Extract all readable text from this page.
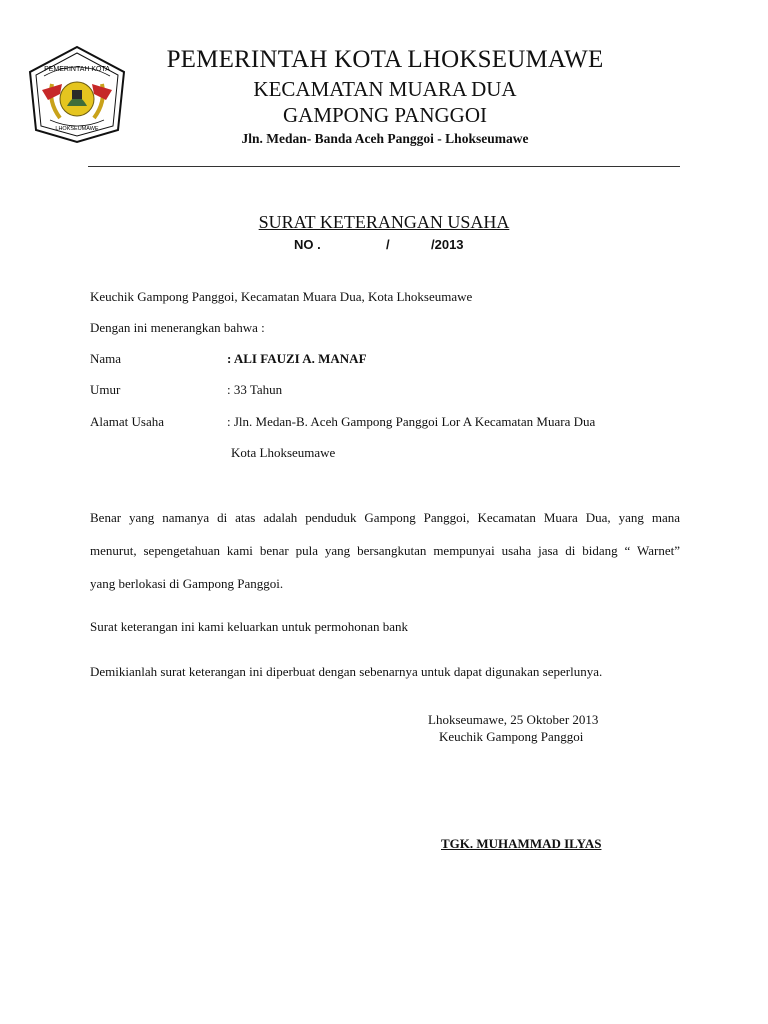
PEMERINTAH KOTA
LHOKSEUMAWE
PEMERINTAH KOTA LHOKSEUMAWE
KECAMATAN MUARA DUA
GAMPONG PANGGOI
Jln. Medan- Banda Aceh Panggoi - Lhokseumawe
SURAT KETERANGAN USAHA
NO .	/	/2013
Keuchik Gampong Panggoi, Kecamatan Muara Dua, Kota Lhokseumawe
Dengan ini menerangkan bahwa :
Nama	: ALI FAUZI A. MANAF
Umur	: 33 Tahun
Alamat Usaha	: Jln. Medan-B. Aceh Gampong Panggoi Lor A Kecamatan Muara Dua
Kota Lhokseumawe
Benar yang namanya di atas adalah penduduk Gampong Panggoi, Kecamatan Muara Dua, yang mana
menurut, sepengetahuan kami benar pula yang bersangkutan mempunyai usaha jasa di bidang “ Warnet”
yang berlokasi di Gampong Panggoi.
Surat keterangan ini kami keluarkan untuk permohonan bank
Demikianlah surat keterangan ini diperbuat dengan sebenarnya untuk dapat digunakan seperlunya.
Lhokseumawe, 25 Oktober 2013
Keuchik Gampong Panggoi
TGK. MUHAMMAD ILYAS
